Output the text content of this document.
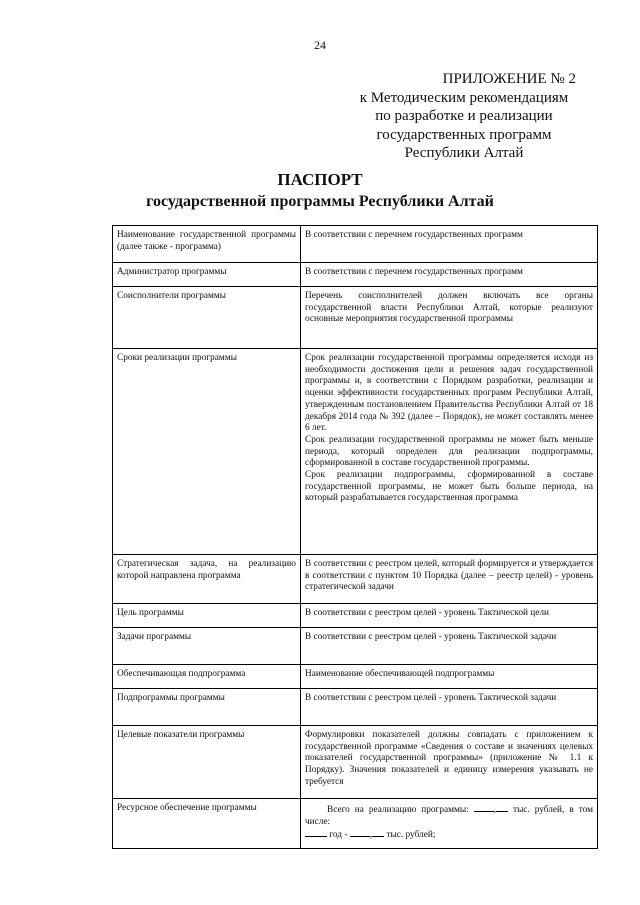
24
ПРИЛОЖЕНИЕ № 2
к Методическим рекомендациям
по разработке и реализации
государственных программ
Республики Алтай
ПАСПОРТ
государственной программы Республики Алтай
Наименование государственной программы (далее также - программа)	В соответствии с перечнем государственных программ

Администратор программы	В соответствии с перечнем государственных программ

Соисполнители программы	Перечень соисполнителей должен включать все органы государственной власти Республики Алтай, которые реализуют основные мероприятия государственной программы

Сроки реализации программы	Срок реализации государственной программы определяется исходя из необходимости достижения цели и решения задач государственной программы и, в соответствии с Порядком разработки, реализации и оценки эффективности государственных программ Республики Алтай, утвержденным постановлением Правительства Республики Алтай от 18 декабря 2014 года № 392 (далее – Порядок), не может составлять менее 6 лет.

Срок реализации государственной программы не может быть меньше периода, который определен для реализации подпрограммы, сформированной в составе государственной программы.

Срок реализации подпрограммы, сформированной в составе государственной программы, не может быть больше периода, на который разрабатывается государственная программа

Стратегическая задача, на реализацию которой направлена программа	В соответствии с реестром целей, который формируется и утверждается в соответствии с пунктом 10 Порядка (далее – реестр целей) - уровень стратегической задачи

Цель программы	В соответствии с реестром целей - уровень Тактической цели

Задачи программы	В соответствии с реестром целей - уровень Тактической задачи

Обеспечивающая подпрограмма	Наименование обеспечивающей подпрограммы

Подпрограммы программы	В соответствии с реестром целей - уровень Тактической задачи

Целевые показатели программы	Формулировки показателей должны совпадать с приложением к государственной программе «Сведения о составе и значениях целевых показателей государственной программы» (приложение № 1.1 к Порядку). Значения показателей и единицу измерения указывать не требуется

Ресурсное обеспечение программы	Всего на реализацию программы: , тыс. рублей, в том числе:

год - , тыс. рублей;
